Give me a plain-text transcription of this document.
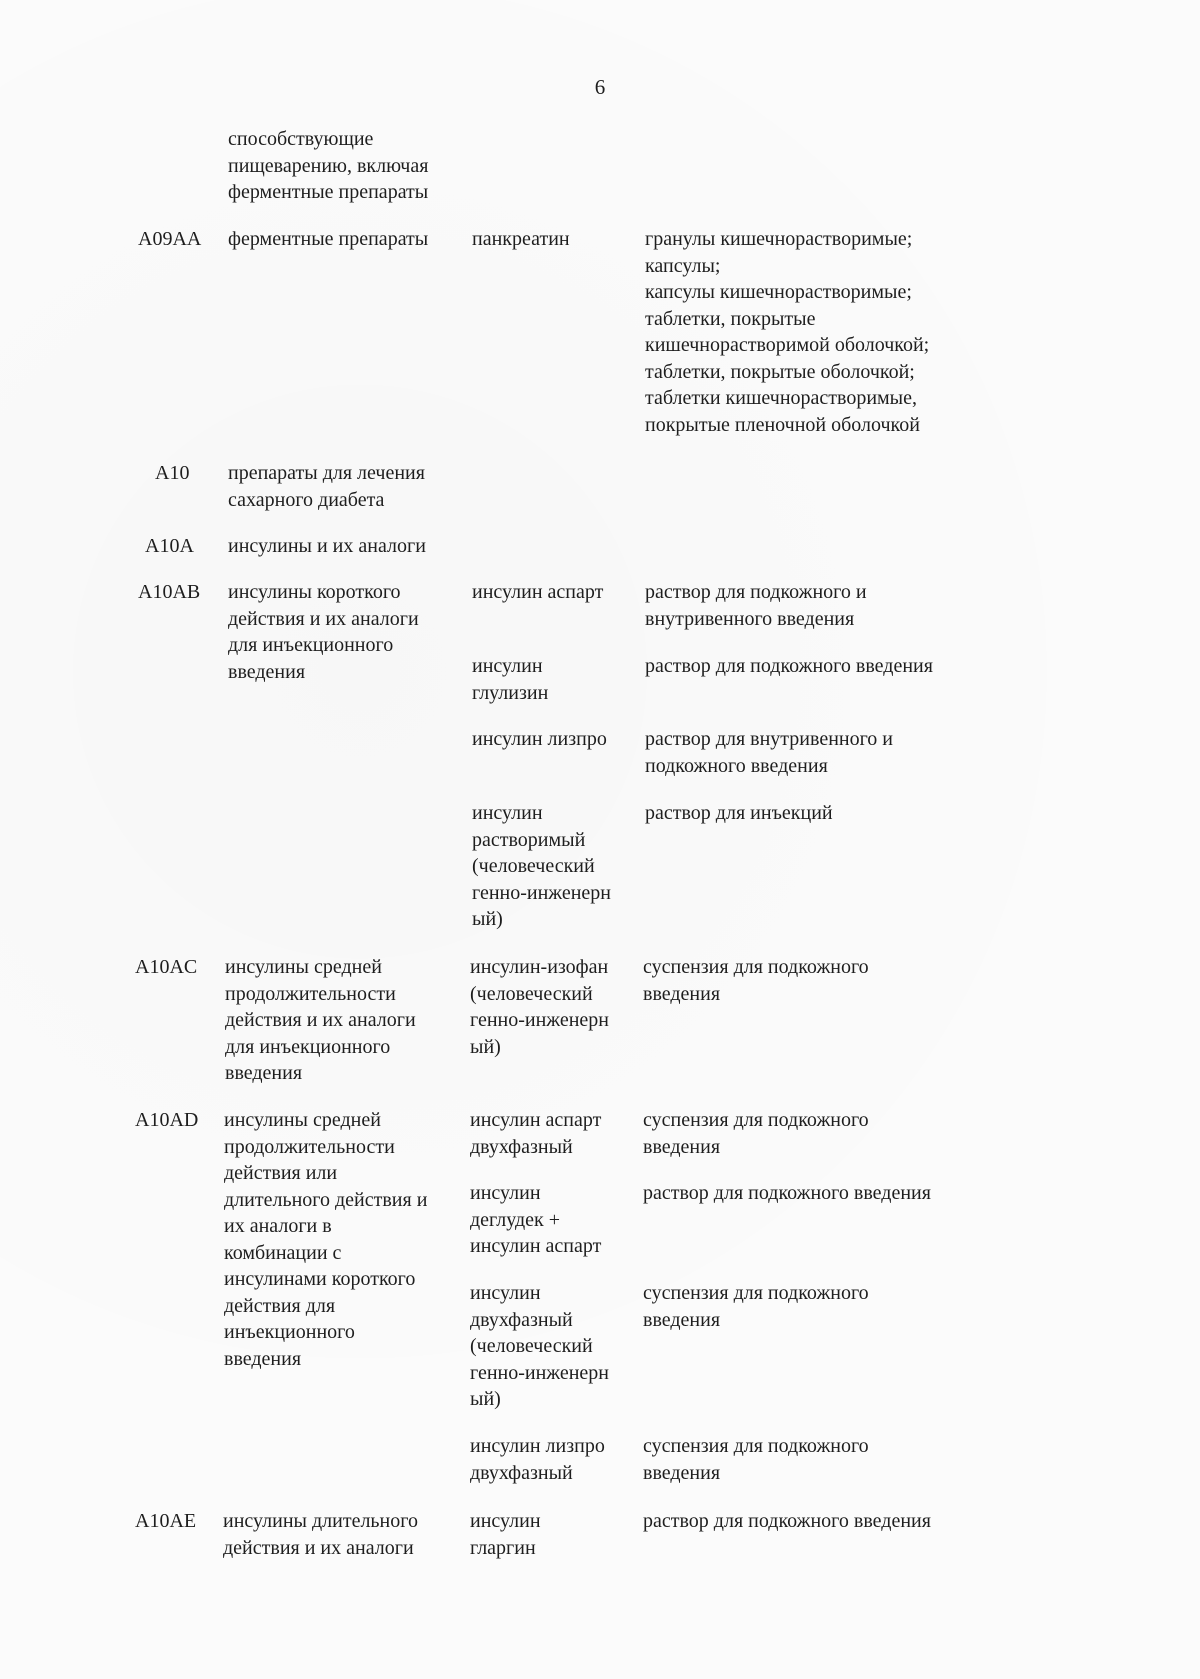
6
способствующие
пищеварению, включая
ферментные препараты
A09AA ферментные препараты панкреатин	гранулы кишечнорастворимые;
капсулы;
капсулы кишечнорастворимые;
таблетки, покрытые
кишечнорастворимой оболочкой;
таблетки, покрытые оболочкой;
таблетки кишечнорастворимые,
покрытые пленочной оболочкой
A10 препараты для лечения
сахарного диабета
A10A инсулины и их аналоги
A10AB инсулины короткого
действия и их аналоги
для инъекционного
введения
инсулин аспарт раствор для подкожного и
внутривенного введения
инсулин
глулизин
раствор для подкожного введения
инсулин лизпро раствор для внутривенного и
подкожного введения
инсулин
растворимый
(человеческий
генно-инженерн
ый)
раствор для инъекций
A10AC инсулины средней
продолжительности
действия и их аналоги
для инъекционного
введения
инсулин-изофан
(человеческий
генно-инженерн
ый)
суспензия для подкожного
введения
A10AD инсулины средней
продолжительности
действия или
длительного действия и
их аналоги в
комбинации с
инсулинами короткого
действия для
инъекционного
введения
инсулин аспарт
двухфазный
суспензия для подкожного
введения
инсулин
деглудек +
инсулин аспарт
раствор для подкожного введения
инсулин
двухфазный
(человеческий
генно-инженерн
ый)
суспензия для подкожного
введения
инсулин лизпро
двухфазный
суспензия для подкожного
введения
A10AE инсулины длительного
действия и их аналоги
инсулин
гларгин
раствор для подкожного введения
